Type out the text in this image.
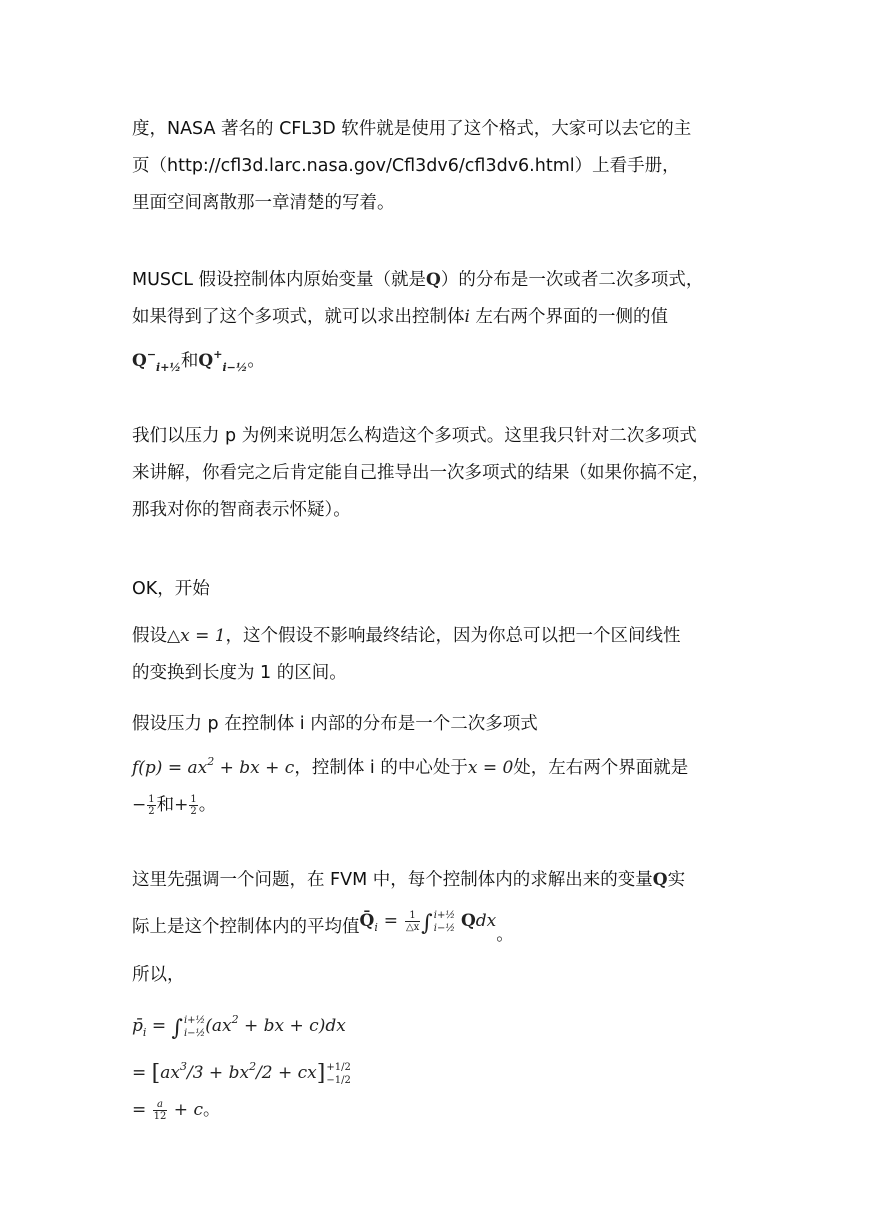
度，NASA 著名的 CFL3D 软件就是使用了这个格式，大家可以去它的主
页（http://cfl3d.larc.nasa.gov/Cfl3dv6/cfl3dv6.html）上看手册，
里面空间离散那一章清楚的写着。

MUSCL 假设控制体内原始变量（就是Q）的分布是一次或者二次多项式，
如果得到了这个多项式，就可以求出控制体i 左右两个界面的一侧的值
$Q^-_{i+\frac{1}{2}}$和$Q^+_{i-\frac{1}{2}}$。

我们以压力 p 为例来说明怎么构造这个多项式。这里我只针对二次多项式
来讲解，你看完之后肯定能自己推导出一次多项式的结果（如果你搞不定，
那我对你的智商表示怀疑）。

OK，开始

假设△x = 1，这个假设不影响最终结论，因为你总可以把一个区间线性
的变换到长度为 1 的区间。

假设压力 p 在控制体 i 内部的分布是一个二次多项式
$f(p) = ax^2$ + bx + c，控制体 i 的中心处于x = 0处，左右两个界面就是
− $\frac{1}{2}$ 和+ $\frac{1}{2}$ 。

这里先强调一个问题，在 FVM 中，每个控制体内的求解出来的变量Q实
际上是这个控制体内的平均值$Q̄_i = \frac{1}{\triangle x}$ ∫ i+½
i−½ Qdx。
所以，

$p̄_i$ = ∫ i+½
i−½ ($ax^2$ + bx + c)dx
= $[ax^3/3 + bx^2/2 + cx] +1/2$
−1/2
= $\frac{a}{12} + c$。
